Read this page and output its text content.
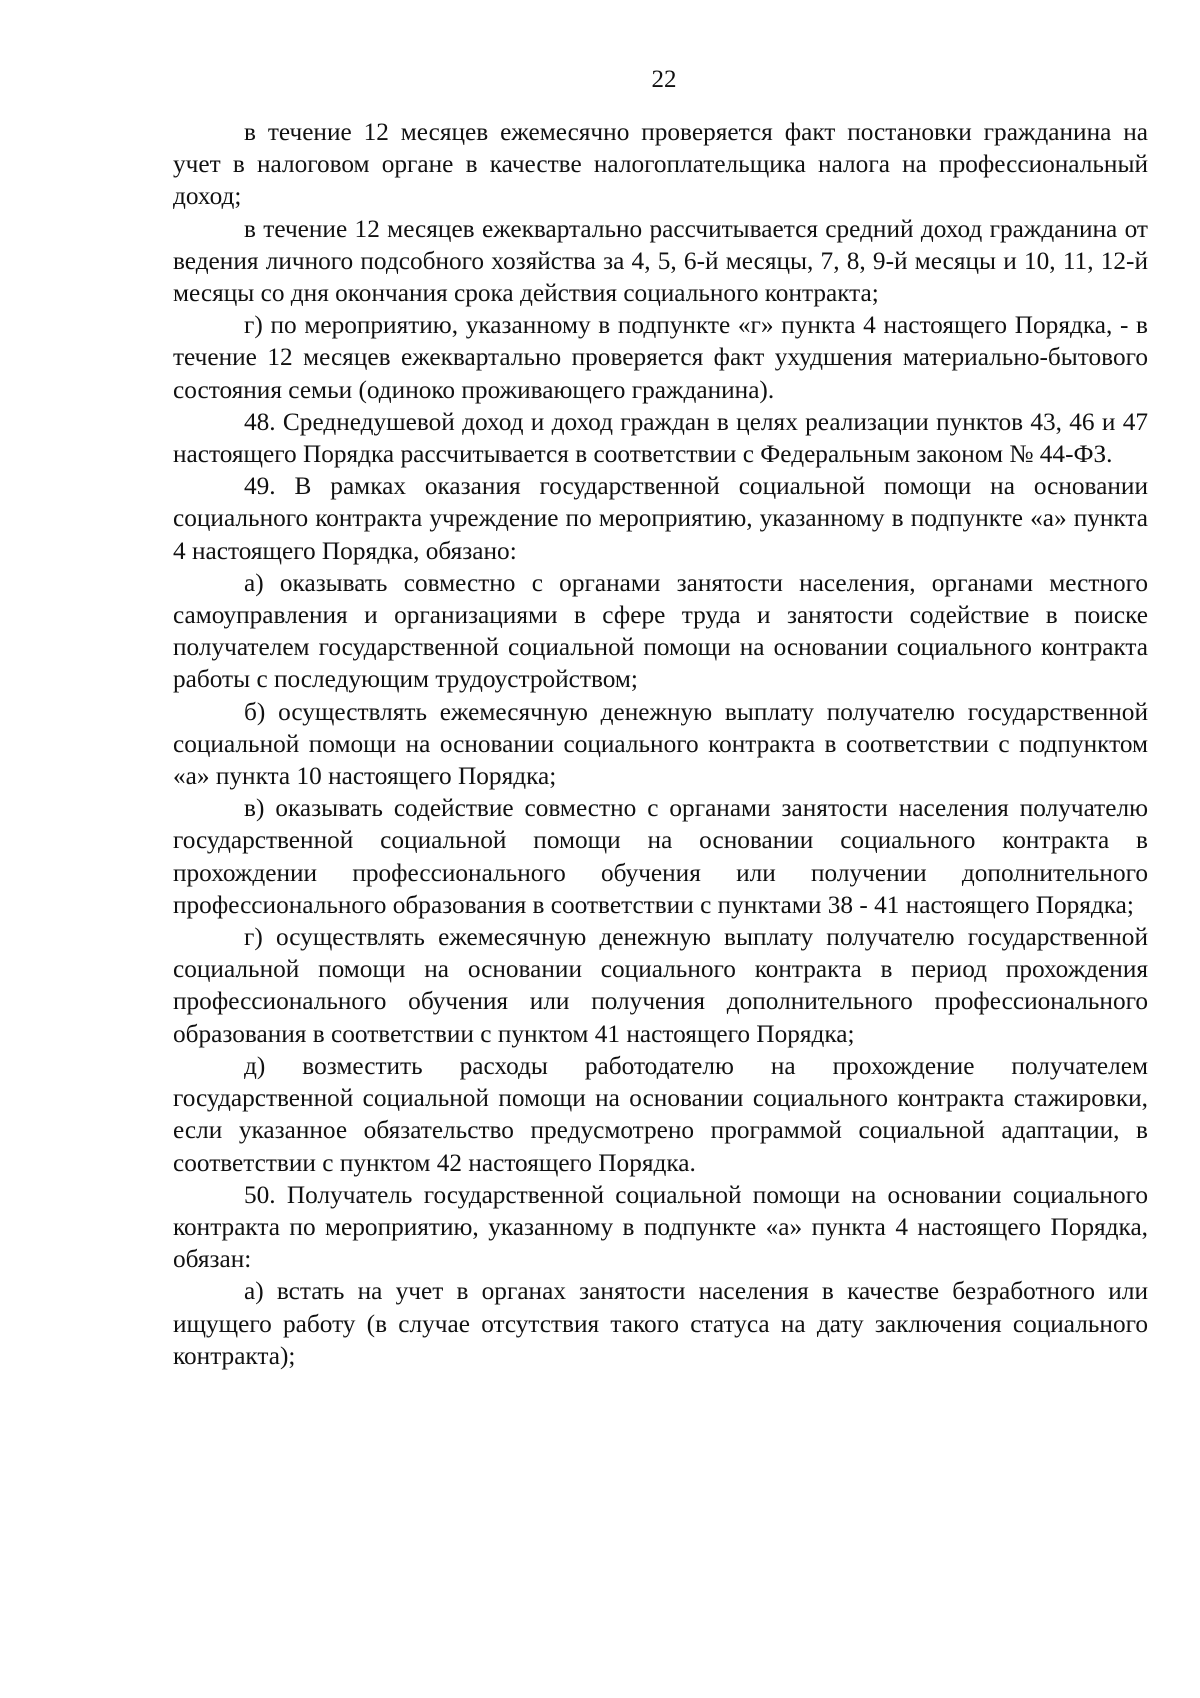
22

в течение 12 месяцев ежемесячно проверяется факт постановки гражданина на учет в налоговом органе в качестве налогоплательщика налога на профессиональный доход;

в течение 12 месяцев ежеквартально рассчитывается средний доход гражданина от ведения личного подсобного хозяйства за 4, 5, 6-й месяцы, 7, 8, 9-й месяцы и 10, 11, 12-й месяцы со дня окончания срока действия социального контракта;

г) по мероприятию, указанному в подпункте «г» пункта 4 настоящего Порядка, - в течение 12 месяцев ежеквартально проверяется факт ухудшения материально-бытового состояния семьи (одиноко проживающего гражданина).

48. Среднедушевой доход и доход граждан в целях реализации пунктов 43, 46 и 47 настоящего Порядка рассчитывается в соответствии с Федеральным законом № 44-ФЗ.

49. В рамках оказания государственной социальной помощи на основании социального контракта учреждение по мероприятию, указанному в подпункте «а» пункта 4 настоящего Порядка, обязано:

а) оказывать совместно с органами занятости населения, органами местного самоуправления и организациями в сфере труда и занятости содействие в поиске получателем государственной социальной помощи на основании социального контракта работы с последующим трудоустройством;

б) осуществлять ежемесячную денежную выплату получателю государственной социальной помощи на основании социального контракта в соответствии с подпунктом «а» пункта 10 настоящего Порядка;

в) оказывать содействие совместно с органами занятости населения получателю государственной социальной помощи на основании социального контракта в прохождении профессионального обучения или получении дополнительного профессионального образования в соответствии с пунктами 38 - 41 настоящего Порядка;

г) осуществлять ежемесячную денежную выплату получателю государственной социальной помощи на основании социального контракта в период прохождения профессионального обучения или получения дополнительного профессионального образования в соответствии с пунктом 41 настоящего Порядка;

д) возместить расходы работодателю на прохождение получателем государственной социальной помощи на основании социального контракта стажировки, если указанное обязательство предусмотрено программой социальной адаптации, в соответствии с пунктом 42 настоящего Порядка.

50. Получатель государственной социальной помощи на основании социального контракта по мероприятию, указанному в подпункте «а» пункта 4 настоящего Порядка, обязан:

а) встать на учет в органах занятости населения в качестве безработного или ищущего работу (в случае отсутствия такого статуса на дату заключения социального контракта);
